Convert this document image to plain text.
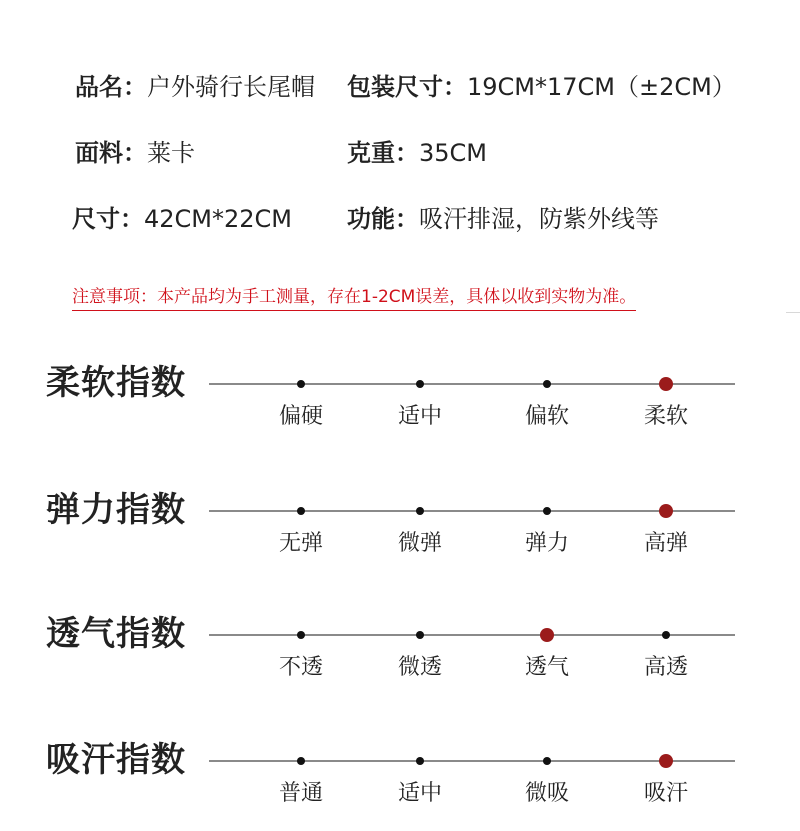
品名：户外骑行长尾帽 包装尺寸：19CM*17CM（±2CM）
面料：莱卡	克重：35CM
尺寸：42CM*22CM 功能：吸汗排湿，防紫外线等
注意事项：本产品均为手工测量，存在1-2CM误差，具体以收到实物为准。
柔软指数
偏硬	适中	偏软	柔软
弹力指数
无弹	微弹	弹力	高弹
透气指数
不透	微透	透气	高透
吸汗指数
普通	适中	微吸	吸汗
